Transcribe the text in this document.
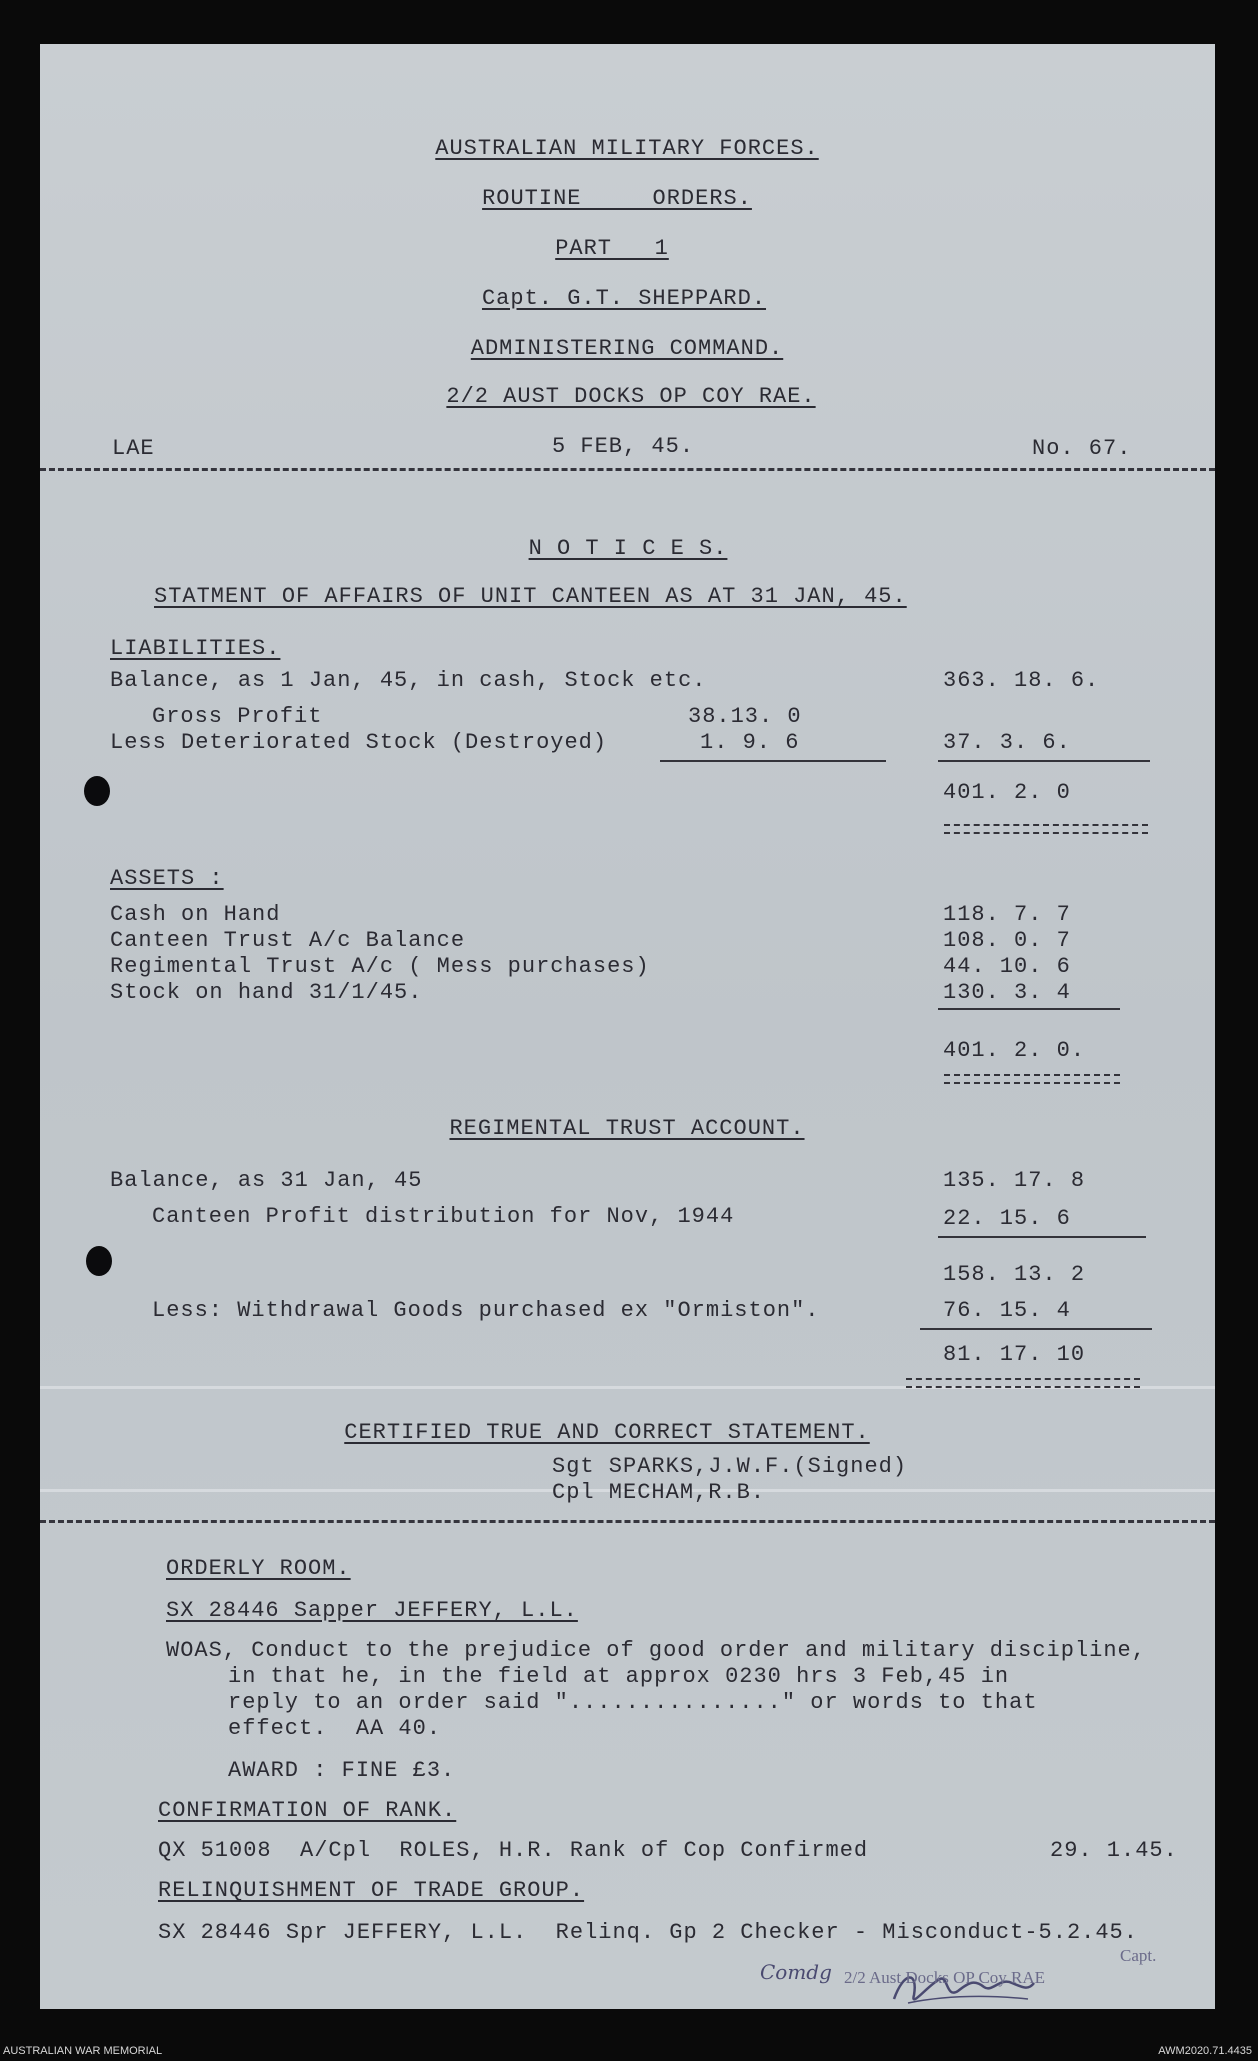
AUSTRALIAN MILITARY FORCES.
ROUTINE     ORDERS.
PART   1
Capt. G.T. SHEPPARD.
ADMINISTERING COMMAND.
2/2 AUST DOCKS OP COY RAE.
LAE	5 FEB, 45.	No. 67.
N O T I C E S.
STATMENT OF AFFAIRS OF UNIT CANTEEN AS AT 31 JAN, 45.
LIABILITIES.
Balance, as 1 Jan, 45, in cash, Stock etc.	363. 18. 6.
Gross Profit	38.13. 0
Less Deteriorated Stock (Destroyed)	1. 9. 6	37. 3. 6.
401. 2. 0
ASSETS :
Cash on Hand	118. 7. 7
Canteen Trust A/c Balance	108. 0. 7
Regimental Trust A/c ( Mess purchases)	44. 10. 6
Stock on hand 31/1/45.	130. 3. 4
401. 2. 0.
REGIMENTAL TRUST ACCOUNT.
Balance, as 31 Jan, 45	135. 17. 8
Canteen Profit distribution for Nov, 1944	22. 15. 6
158. 13. 2
Less: Withdrawal Goods purchased ex "Ormiston".	76. 15. 4
81. 17. 10
CERTIFIED TRUE AND CORRECT STATEMENT.
Sgt SPARKS,J.W.F.(Signed)
Cpl MECHAM,R.B.
ORDERLY ROOM.
SX 28446 Sapper JEFFERY, L.L.
WOAS, Conduct to the prejudice of good order and military discipline,
in that he, in the field at approx 0230 hrs 3 Feb,45 in
reply to an order said "..............." or words to that
effect.  AA 40.
AWARD : FINE £3.
CONFIRMATION OF RANK.
QX 51008  A/Cpl  ROLES, H.R. Rank of Cop Confirmed	29. 1.45.
RELINQUISHMENT OF TRADE GROUP.
SX 28446 Spr JEFFERY, L.L.  Relinq. Gp 2 Checker - Misconduct-5.2.45.

Capt.
Comdg 2/2 Aust Docks OP Coy RAE
AUSTRALIAN WAR MEMORIAL	AWM2020.71.4435
